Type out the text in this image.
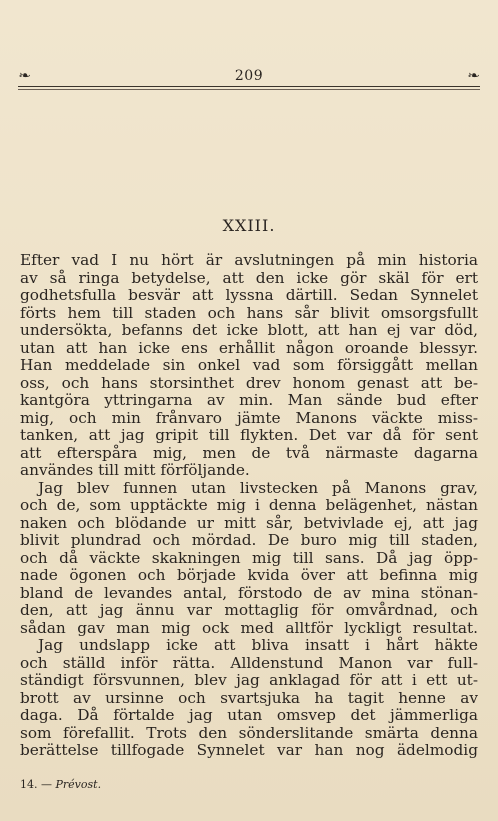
❧	209	❧
XXIII.
Efter vad I nu hört är avslutningen på min historia
av så ringa betydelse, att den icke gör skäl för ert
godhetsfulla besvär att lyssna därtill. Sedan Synnelet
förts hem till staden och hans sår blivit omsorgsfullt
undersökta, befanns det icke blott, att han ej var död,
utan att han icke ens erhållit någon oroande blessyr.
Han meddelade sin onkel vad som försiggått mellan
oss, och hans storsinthet drev honom genast att be-
kantgöra yttringarna av min. Man sände bud efter
mig, och min frånvaro jämte Manons väckte miss-
tanken, att jag gripit till flykten. Det var då för sent
att efterspåra mig, men de två närmaste dagarna
användes till mitt förföljande.
Jag blev funnen utan livstecken på Manons grav,
och de, som upptäckte mig i denna belägenhet, nästan
naken och blödande ur mitt sår, betvivlade ej, att jag
blivit plundrad och mördad. De buro mig till staden,
och då väckte skakningen mig till sans. Då jag öpp-
nade ögonen och började kvida över att befinna mig
bland de levandes antal, förstodo de av mina stönan-
den, att jag ännu var mottaglig för omvårdnad, och
sådan gav man mig ock med alltför lyckligt resultat.
Jag undslapp icke att bliva insatt i hårt häkte
och ställd inför rätta. Alldenstund Manon var full-
ständigt försvunnen, blev jag anklagad för att i ett ut-
brott av ursinne och svartsjuka ha tagit henne av
daga. Då förtalde jag utan omsvep det jämmerliga
som förefallit. Trots den sönderslitande smärta denna
berättelse tillfogade Synnelet var han nog ädelmodig
14. — Prévost.
